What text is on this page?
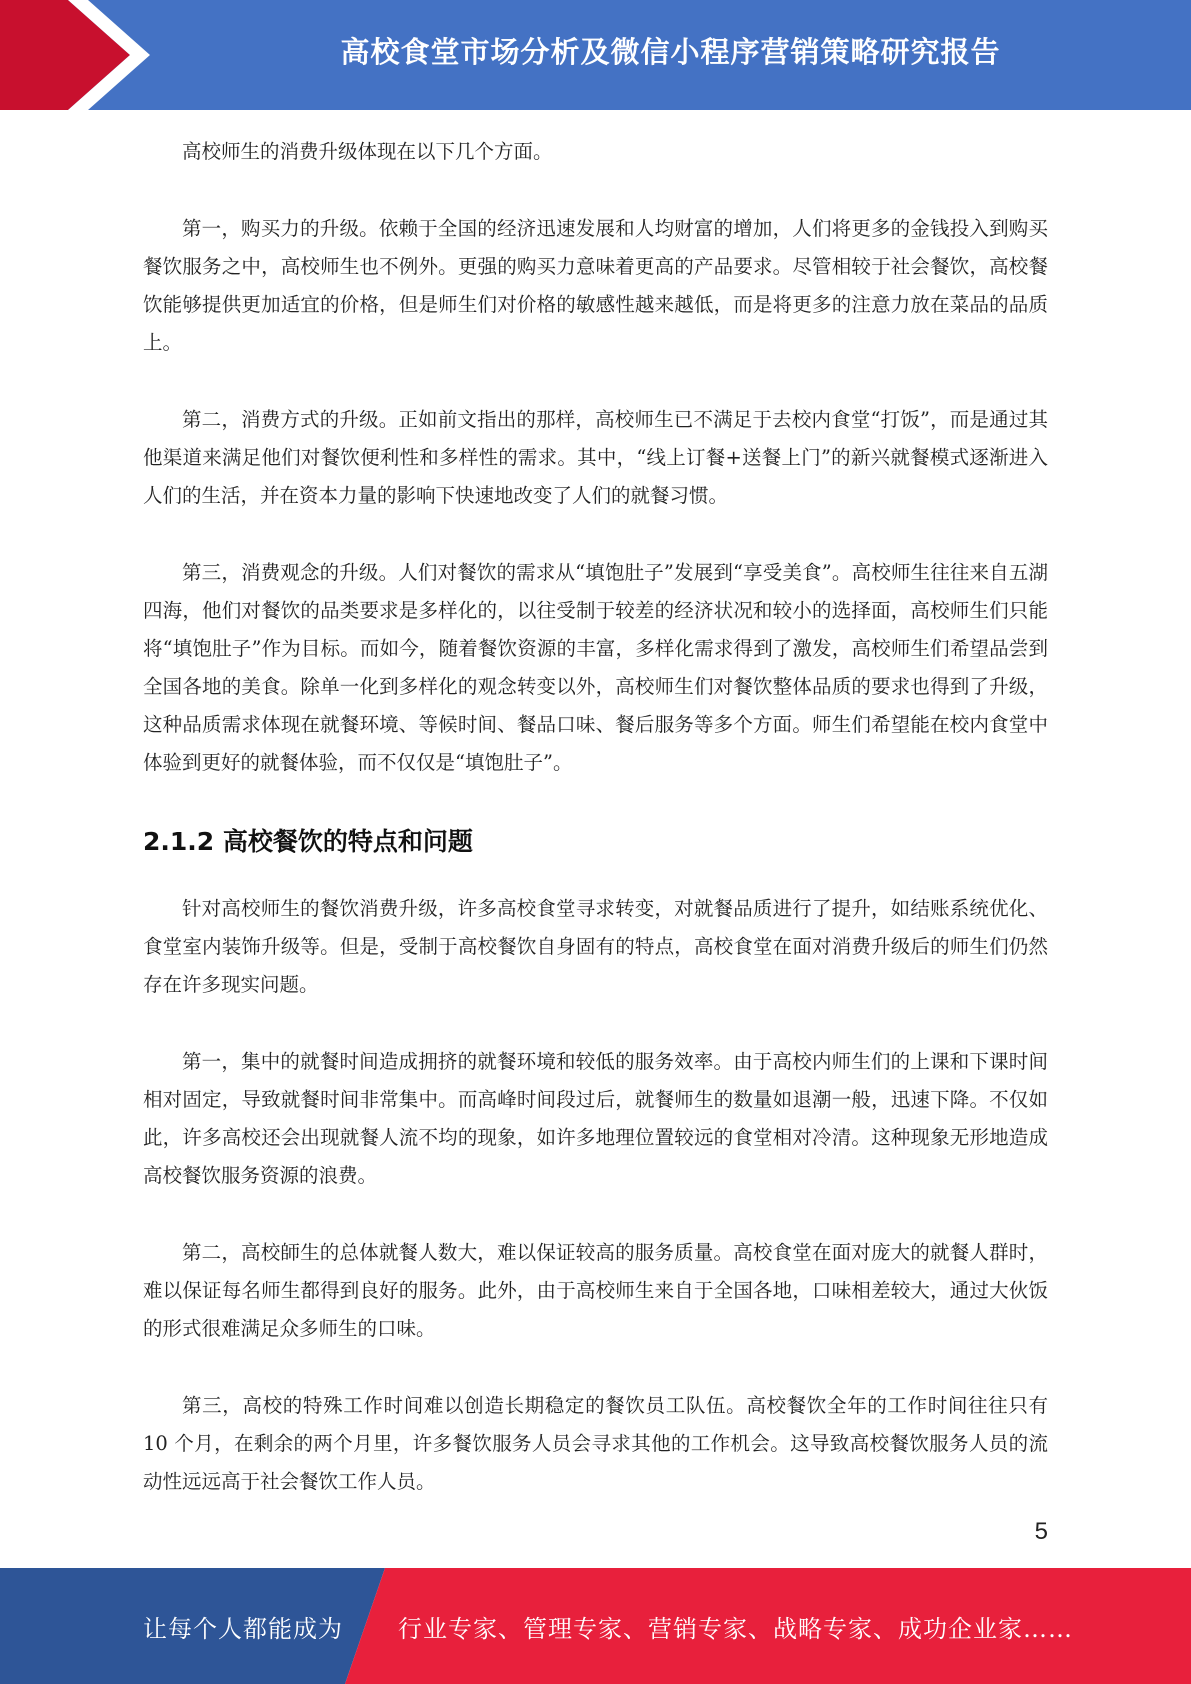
高校食堂市场分析及微信小程序营销策略研究报告

高校师生的消费升级体现在以下几个方面。

第一，购买力的升级。依赖于全国的经济迅速发展和人均财富的增加，人们将更多的金钱投入到购买餐饮服务之中，高校师生也不例外。更强的购买力意味着更高的产品要求。尽管相较于社会餐饮，高校餐饮能够提供更加适宜的价格，但是师生们对价格的敏感性越来越低，而是将更多的注意力放在菜品的品质上。

第二，消费方式的升级。正如前文指出的那样，高校师生已不满足于去校内食堂“打饭”，而是通过其他渠道来满足他们对餐饮便利性和多样性的需求。其中，“线上订餐+送餐上门”的新兴就餐模式逐渐进入人们的生活，并在资本力量的影响下快速地改变了人们的就餐习惯。

第三，消费观念的升级。人们对餐饮的需求从“填饱肚子”发展到“享受美食”。高校师生往往来自五湖四海，他们对餐饮的品类要求是多样化的，以往受制于较差的经济状况和较小的选择面，高校师生们只能将“填饱肚子”作为目标。而如今，随着餐饮资源的丰富，多样化需求得到了激发，高校师生们希望品尝到全国各地的美食。除单一化到多样化的观念转变以外，高校师生们对餐饮整体品质的要求也得到了升级，这种品质需求体现在就餐环境、等候时间、餐品口味、餐后服务等多个方面。师生们希望能在校内食堂中体验到更好的就餐体验，而不仅仅是“填饱肚子”。

2.1.2 高校餐饮的特点和问题

针对高校师生的餐饮消费升级，许多高校食堂寻求转变，对就餐品质进行了提升，如结账系统优化、食堂室内装饰升级等。但是，受制于高校餐饮自身固有的特点，高校食堂在面对消费升级后的师生们仍然存在许多现实问题。

第一，集中的就餐时间造成拥挤的就餐环境和较低的服务效率。由于高校内师生们的上课和下课时间相对固定，导致就餐时间非常集中。而高峰时间段过后，就餐师生的数量如退潮一般，迅速下降。不仅如此，许多高校还会出现就餐人流不均的现象，如许多地理位置较远的食堂相对冷清。这种现象无形地造成高校餐饮服务资源的浪费。

第二，高校師生的总体就餐人数大，难以保证较高的服务质量。高校食堂在面对庞大的就餐人群时，难以保证每名师生都得到良好的服务。此外，由于高校师生来自于全国各地，口味相差较大，通过大伙饭的形式很难满足众多师生的口味。

第三，高校的特殊工作时间难以创造长期稳定的餐饮员工队伍。高校餐饮全年的工作时间往往只有 10 个月，在剩余的两个月里，许多餐饮服务人员会寻求其他的工作机会。这导致高校餐饮服务人员的流动性远远高于社会餐饮工作人员。

5
让每个人都能成为 行业专家、管理专家、营销专家、战略专家、成功企业家……
